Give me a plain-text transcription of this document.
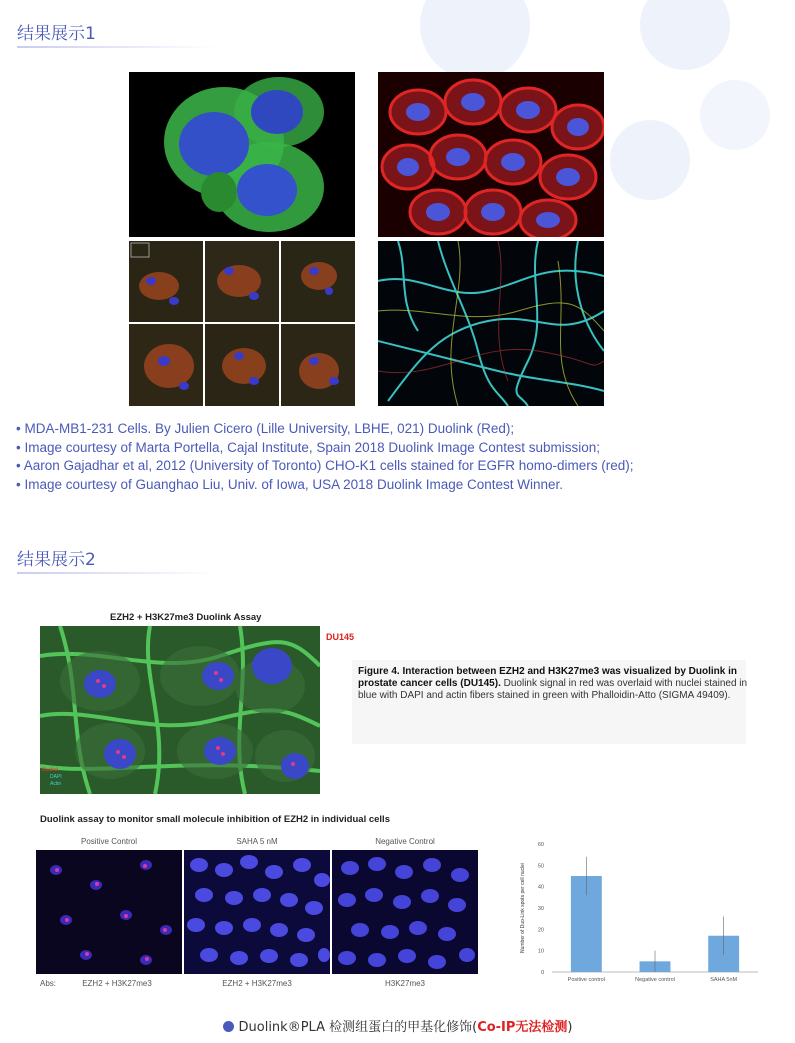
结果展示1
• MDA-MB1-231 Cells. By Julien Cicero (Lille University, LBHE, 021) Duolink (Red);
• Image courtesy of Marta Portella, Cajal Institute, Spain 2018 Duolink Image Contest submission;
• Aaron Gajadhar et al, 2012 (University of Toronto) CHO-K1 cells stained for EGFR homo-dimers (red);
• Image courtesy of Guanghao Liu, Univ. of Iowa, USA 2018 Duolink Image Contest Winner.
结果展示2
EZH2 + H3K27me3 Duolink Assay
DU145
Duolink
DAPI
Actin
Figure 4. Interaction between EZH2 and H3K27me3 was visualized by Duolink in prostate cancer cells (DU145). Duolink signal in red was overlaid with nuclei stained in blue with DAPI and actin fibers stained in green with Phalloidin-Atto (SIGMA 49409).
Duolink assay to monitor small molecule inhibition of EZH2 in individual cells
Positive Control	SAHA 5 nM	Negative Control
Abs:	EZH2 + H3K27me3	EZH2 + H3K27me3	H3K27me3
0
10
20
30
40
50
60
Number of Duo-Link spots per cell nuclei
Positive control	Negative control	SAHA 5nM
Duolink®PLA 检测组蛋白的甲基化修饰(Co-IP无法检测)
